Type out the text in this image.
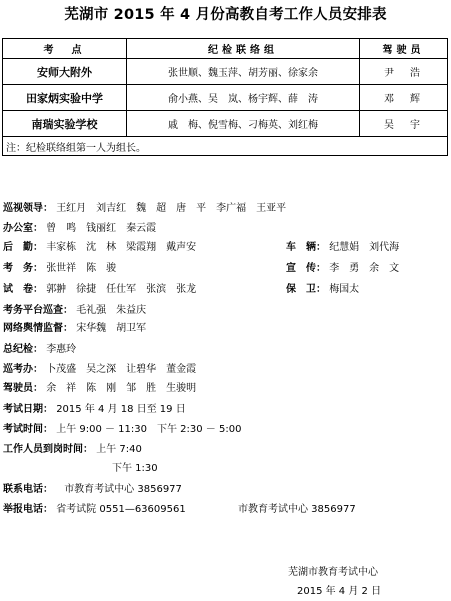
芜湖市 2015 年 4 月份高教自考工作人员安排表
考　点	纪检联络组	驾驶员
安师大附外	张世顺、魏玉萍、胡芳丽、徐家余	尹　浩
田家炳实验中学	俞小燕、吴　岚、杨宇辉、薛　涛	邓　辉
南瑞实验学校	戚　梅、倪雪梅、刁梅英、刘红梅	吴　宇
注：纪检联络组第一人为组长。		
巡视领导： 王红月　刘吉红　魏　超　唐　平　李广福　王亚平
办公室： 曾　鸣　钱丽红　秦云霞
后　勤： 丰家栋　沈　林　梁霞翔　戴声安	车　辆： 纪慧娟　刘代海
考　务： 张世祥　陈　骏	宣　传： 李　勇　余　文
试　卷： 郭翀　徐捷　任仕军　张滨　张龙	保　卫： 梅国太
考务平台巡查： 毛礼强　朱益庆
网络舆情监督： 宋华魏　胡卫军
总纪检： 李惠玲
巡考办： 卜茂盛　吴之深　让碧华　董金霞
驾驶员： 余　祥　陈　刚　邹　胜　生骏明
考试日期： 2015 年 4 月 18 日至 19 日
考试时间： 上午 9:00 － 11:30　下午 2:30 － 5:00
工作人员到岗时间： 上午 7:40
下午 1:30
联系电话： 市教育考试中心 3856977
举报电话： 省考试院 0551—63609561	市教育考试中心 3856977
芜湖市教育考试中心
2015 年 4 月 2 日
